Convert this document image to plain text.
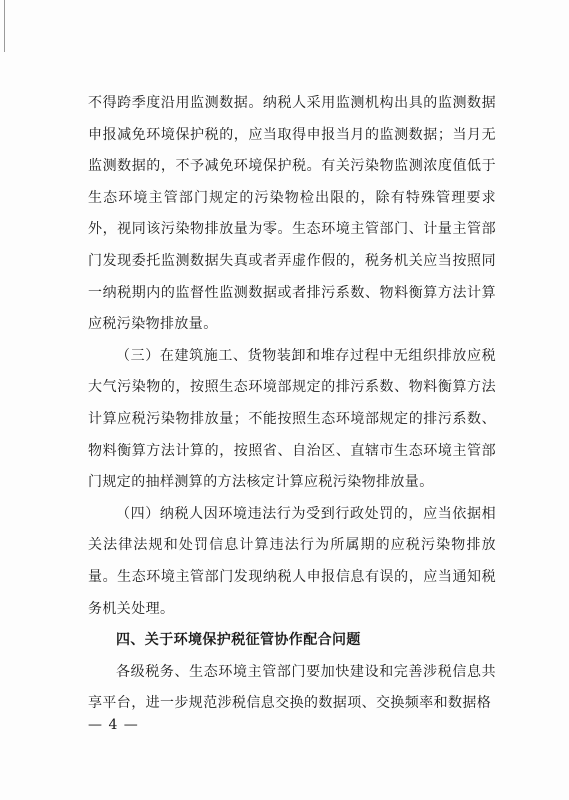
不得跨季度沿用监测数据。纳税人采用监测机构出具的监测数据申报减免环境保护税的，应当取得申报当月的监测数据；当月无监测数据的，不予减免环境保护税。有关污染物监测浓度值低于生态环境主管部门规定的污染物检出限的，除有特殊管理要求外，视同该污染物排放量为零。生态环境主管部门、计量主管部门发现委托监测数据失真或者弄虚作假的，税务机关应当按照同一纳税期内的监督性监测数据或者排污系数、物料衡算方法计算应税污染物排放量。

（三）在建筑施工、货物装卸和堆存过程中无组织排放应税大气污染物的，按照生态环境部规定的排污系数、物料衡算方法计算应税污染物排放量；不能按照生态环境部规定的排污系数、物料衡算方法计算的，按照省、自治区、直辖市生态环境主管部门规定的抽样测算的方法核定计算应税污染物排放量。

（四）纳税人因环境违法行为受到行政处罚的，应当依据相关法律法规和处罚信息计算违法行为所属期的应税污染物排放量。生态环境主管部门发现纳税人申报信息有误的，应当通知税务机关处理。

四、关于环境保护税征管协作配合问题

各级税务、生态环境主管部门要加快建设和完善涉税信息共享平台，进一步规范涉税信息交换的数据项、交换频率和数据格

— 4 —
